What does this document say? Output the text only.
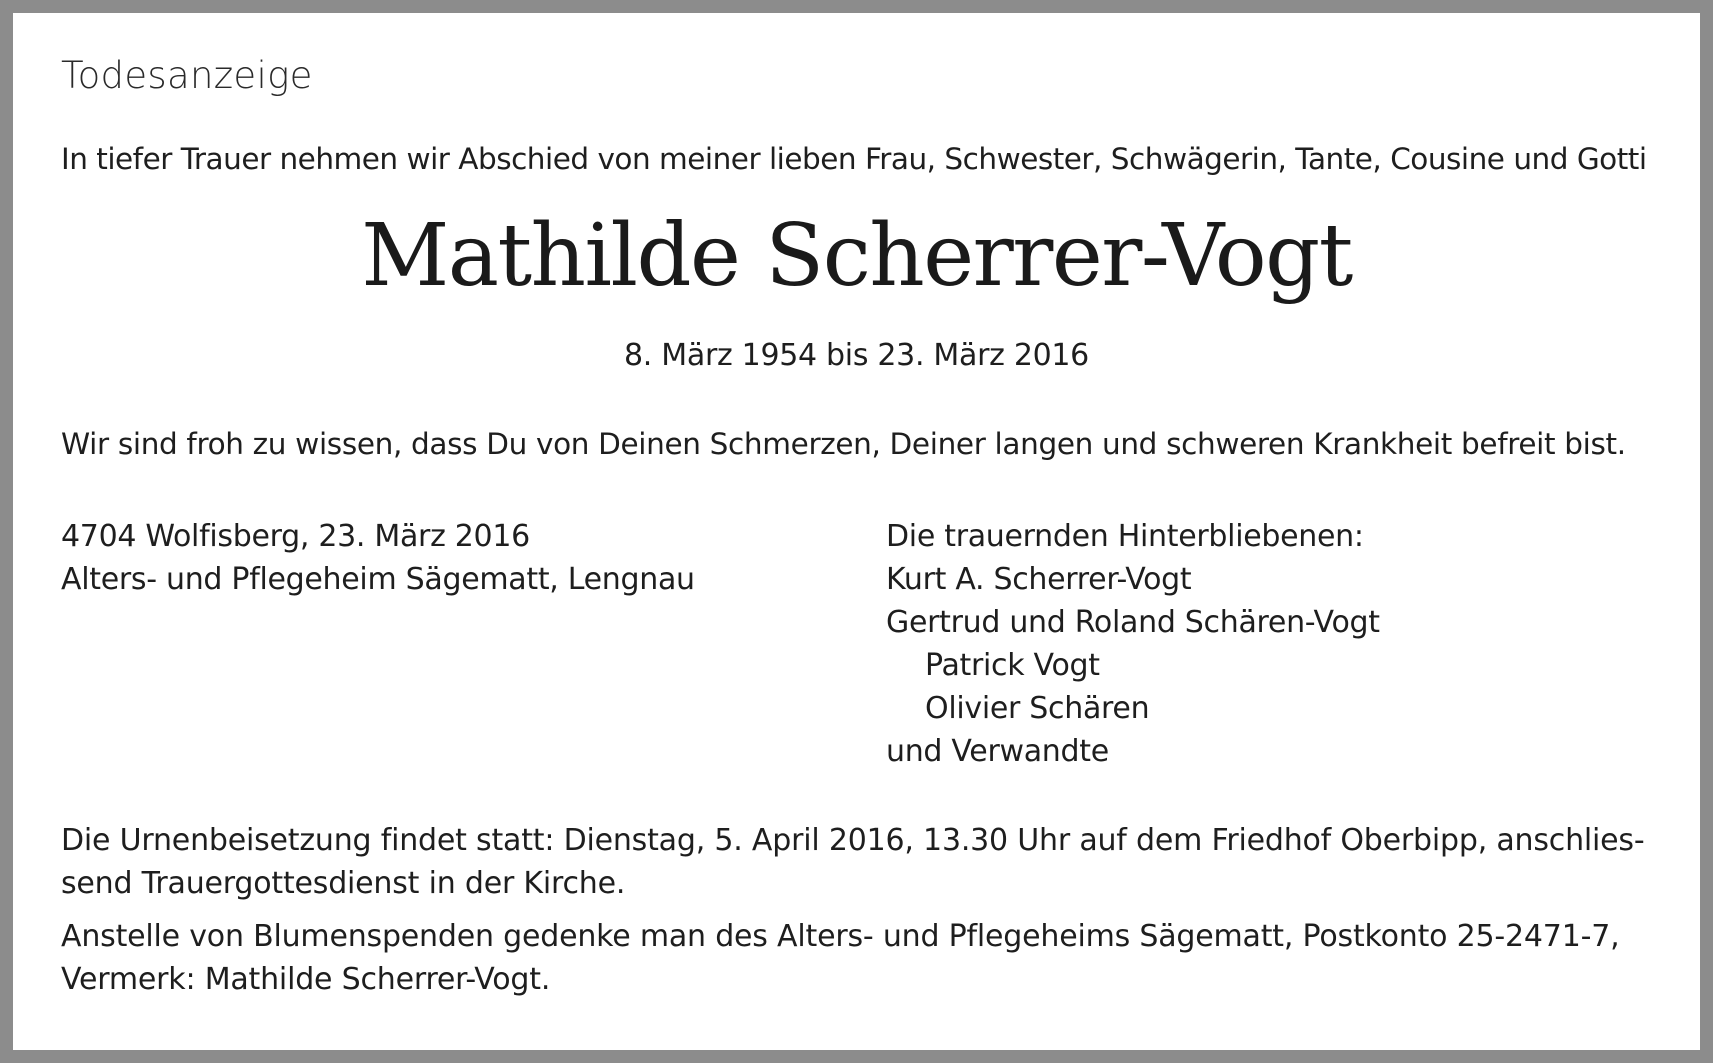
Todesanzeige
In tiefer Trauer nehmen wir Abschied von meiner lieben Frau, Schwester, Schwägerin, Tante, Cousine und Gotti
Mathilde Scherrer-Vogt
8. März 1954 bis 23. März 2016
Wir sind froh zu wissen, dass Du von Deinen Schmerzen, Deiner langen und schweren Krankheit befreit bist.
4704 Wolfisberg, 23. März 2016
Alters- und Pflegeheim Sägematt, Lengnau
Die trauernden Hinterbliebenen:
Kurt A. Scherrer-Vogt
Gertrud und Roland Schären-Vogt
Patrick Vogt
Olivier Schären
und Verwandte
Die Urnenbeisetzung findet statt: Dienstag, 5. April 2016, 13.30 Uhr auf dem Friedhof Oberbipp, anschlies-
send Trauergottesdienst in der Kirche.
Anstelle von Blumenspenden gedenke man des Alters- und Pflegeheims Sägematt, Postkonto 25-2471-7,
Vermerk: Mathilde Scherrer-Vogt.
